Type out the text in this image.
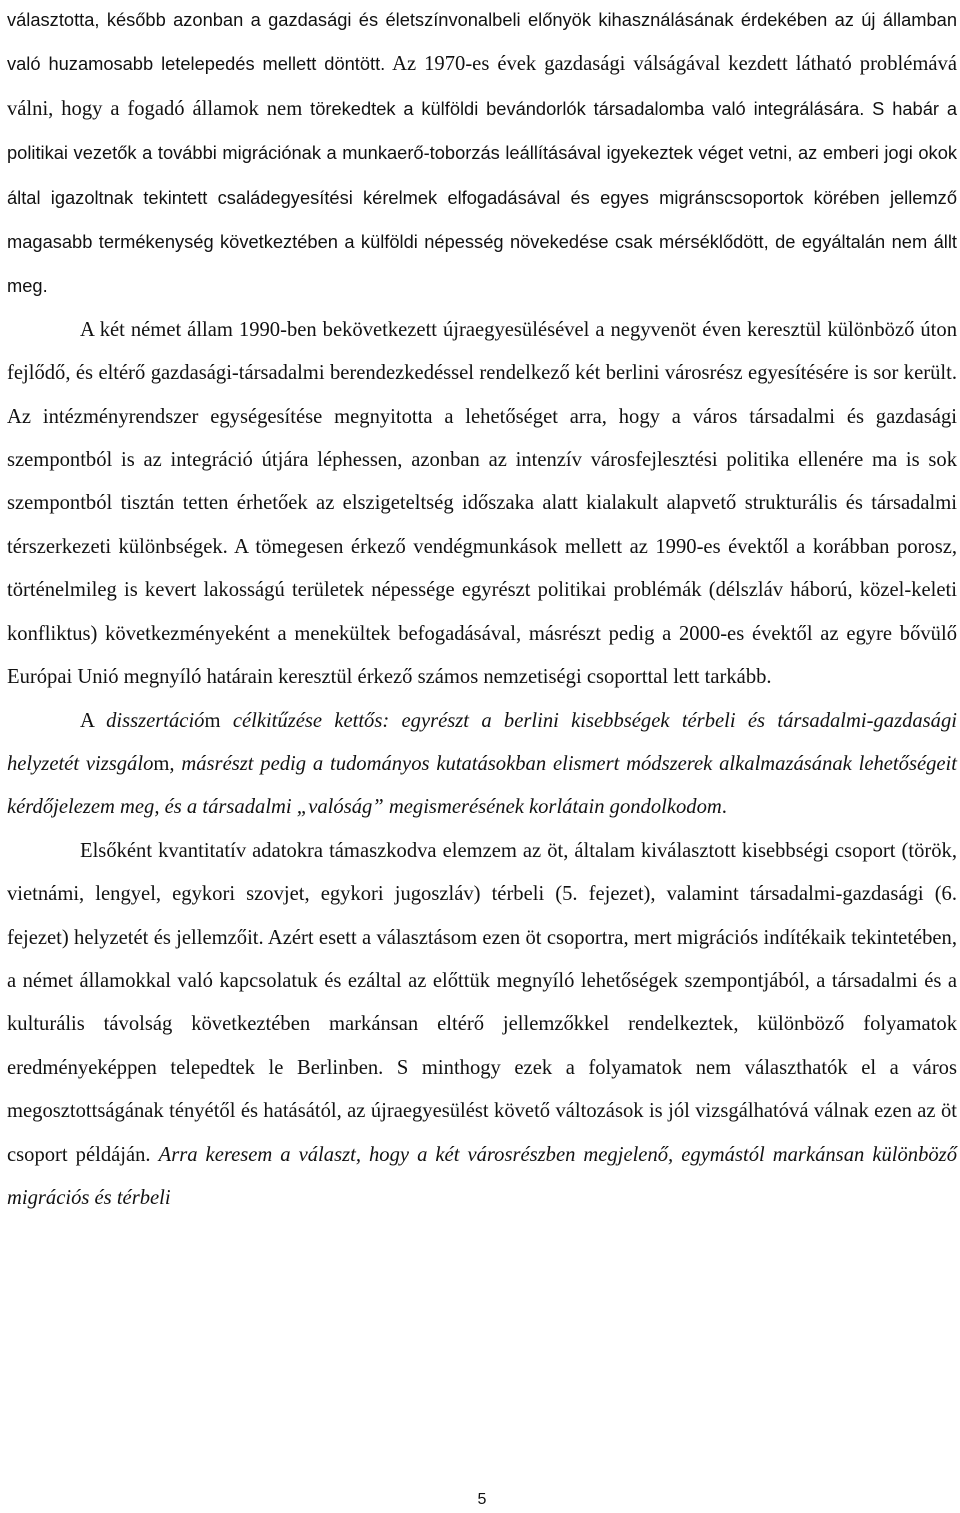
választotta, később azonban a gazdasági és életszínvonalbeli előnyök kihasználásának érdekében az új államban való huzamosabb letelepedés mellett döntött. Az 1970-es évek gazdasági válságával kezdett látható problémává válni, hogy a fogadó államok nem törekedtek a külföldi bevándorlók társadalomba való integrálására. S habár a politikai vezetők a további migrációnak a munkaerő-toborzás leállításával igyekeztek véget vetni, az emberi jogi okok által igazoltnak tekintett családegyesítési kérelmek elfogadásával és egyes migránscsoportok körében jellemző magasabb termékenység következtében a külföldi népesség növekedése csak mérséklődött, de egyáltalán nem állt meg.

A két német állam 1990-ben bekövetkezett újraegyesülésével a negyvenöt éven keresztül különböző úton fejlődő, és eltérő gazdasági-társadalmi berendezkedéssel rendelkező két berlini városrész egyesítésére is sor került. Az intézményrendszer egységesítése megnyitotta a lehetőséget arra, hogy a város társadalmi és gazdasági szempontból is az integráció útjára léphessen, azonban az intenzív városfejlesztési politika ellenére ma is sok szempontból tisztán tetten érhetőek az elszigeteltség időszaka alatt kialakult alapvető strukturális és társadalmi térszerkezeti különbségek. A tömegesen érkező vendégmunkások mellett az 1990-es évektől a korábban porosz, történelmileg is kevert lakosságú területek népessége egyrészt politikai problémák (délszláv háború, közel-keleti konfliktus) következményeként a menekültek befogadásával, másrészt pedig a 2000-es évektől az egyre bővülő Európai Unió megnyíló határain keresztül érkező számos nemzetiségi csoporttal lett tarkább.

A disszertációm célkitűzése kettős: egyrészt a berlini kisebbségek térbeli és társadalmi-gazdasági helyzetét vizsgálom, másrészt pedig a tudományos kutatásokban elismert módszerek alkalmazásának lehetőségeit kérdőjelezem meg, és a társadalmi „valóság” megismerésének korlátain gondolkodom.

Elsőként kvantitatív adatokra támaszkodva elemzem az öt, általam kiválasztott kisebbségi csoport (török, vietnámi, lengyel, egykori szovjet, egykori jugoszláv) térbeli (5. fejezet), valamint társadalmi-gazdasági (6. fejezet) helyzetét és jellemzőit. Azért esett a választásom ezen öt csoportra, mert migrációs indítékaik tekintetében, a német államokkal való kapcsolatuk és ezáltal az előttük megnyíló lehetőségek szempontjából, a társadalmi és a kulturális távolság következtében markánsan eltérő jellemzőkkel rendelkeztek, különböző folyamatok eredményeképpen telepedtek le Berlinben. S minthogy ezek a folyamatok nem választhatók el a város megosztottságának tényétől és hatásától, az újraegyesülést követő változások is jól vizsgálhatóvá válnak ezen az öt csoport példáján. Arra keresem a választ, hogy a két városrészben megjelenő, egymástól markánsan különböző migrációs és térbeli

5
